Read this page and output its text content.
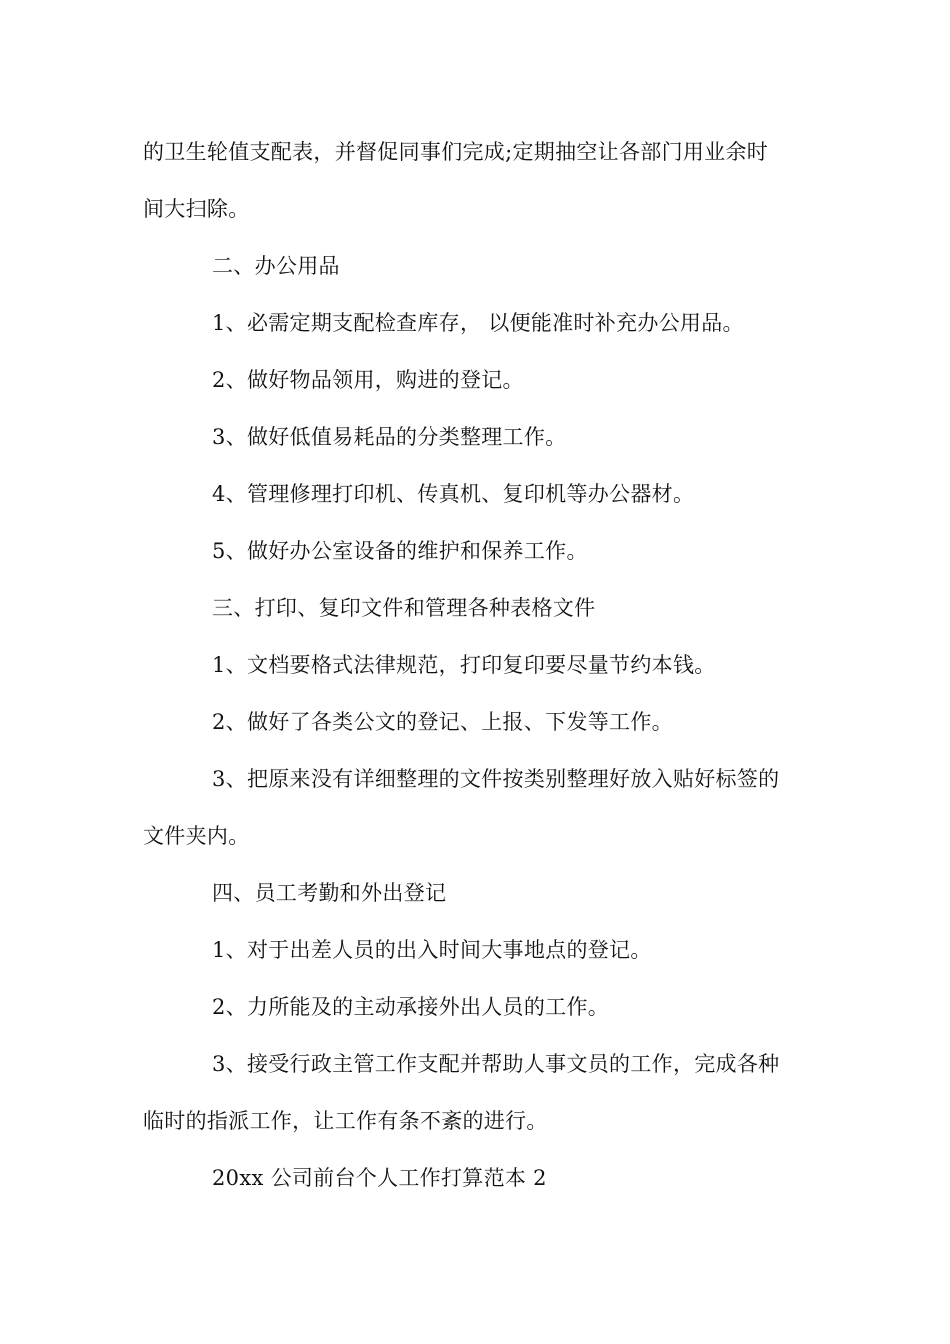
的卫生轮值支配表，并督促同事们完成;定期抽空让各部门用业余时
间大扫除。
二、办公用品
1、必需定期支配检查库存， 以便能准时补充办公用品。
2、做好物品领用，购进的登记。
3、做好低值易耗品的分类整理工作。
4、管理修理打印机、传真机、复印机等办公器材。
5、做好办公室设备的维护和保养工作。
三、打印、复印文件和管理各种表格文件
1、文档要格式法律规范，打印复印要尽量节约本钱。
2、做好了各类公文的登记、上报、下发等工作。
3、把原来没有详细整理的文件按类别整理好放入贴好标签的
文件夹内。
四、员工考勤和外出登记
1、对于出差人员的出入时间大事地点的登记。
2、力所能及的主动承接外出人员的工作。
3、接受行政主管工作支配并帮助人事文员的工作，完成各种
临时的指派工作，让工作有条不紊的进行。
20xx 公司前台个人工作打算范本 2
